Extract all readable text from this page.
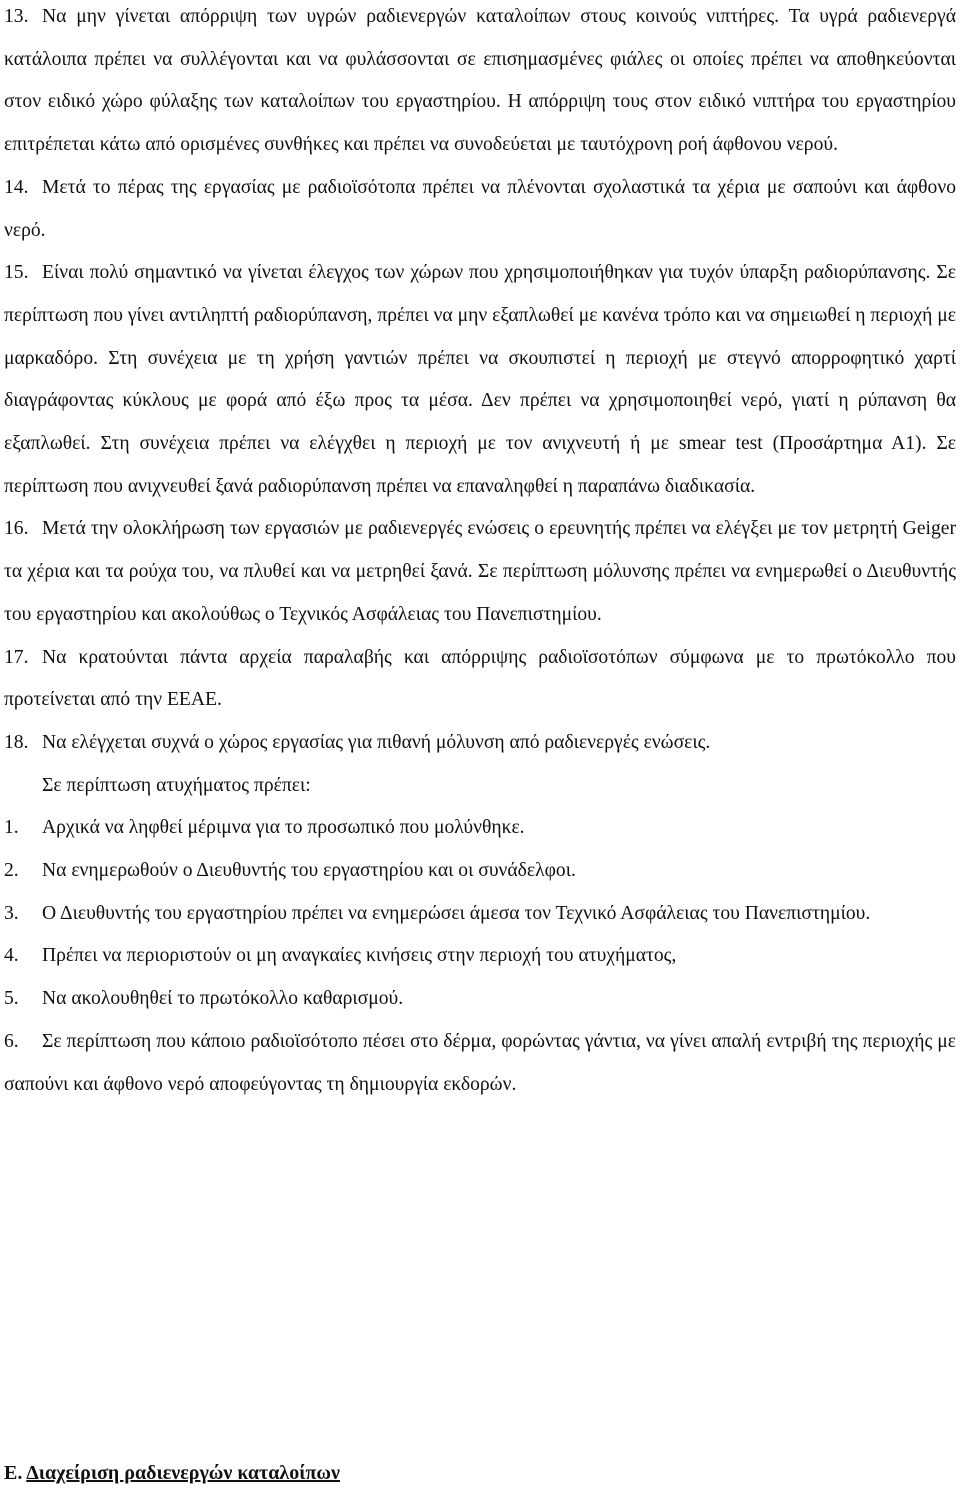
13. Να μην γίνεται απόρριψη των υγρών ραδιενεργών καταλοίπων στους κοινούς νιπτήρες. Τα υγρά ραδιενεργά κατάλοιπα πρέπει να συλλέγονται και να φυλάσσονται σε επισημασμένες φιάλες οι οποίες πρέπει να αποθηκεύονται στον ειδικό χώρο φύλαξης των καταλοίπων του εργαστηρίου. Η απόρριψη τους στον ειδικό νιπτήρα του εργαστηρίου επιτρέπεται κάτω από ορισμένες συνθήκες και πρέπει να συνοδεύεται με ταυτόχρονη ροή άφθονου νερού.

14. Μετά το πέρας της εργασίας με ραδιοϊσότοπα πρέπει να πλένονται σχολαστικά τα χέρια με σαπούνι και άφθονο νερό.

15. Είναι πολύ σημαντικό να γίνεται έλεγχος των χώρων που χρησιμοποιήθηκαν για τυχόν ύπαρξη ραδιορύπανσης. Σε περίπτωση που γίνει αντιληπτή ραδιορύπανση, πρέπει να μην εξαπλωθεί με κανένα τρόπο και να σημειωθεί η περιοχή με μαρκαδόρο. Στη συνέχεια με τη χρήση γαντιών πρέπει να σκουπιστεί η περιοχή με στεγνό απορροφητικό χαρτί διαγράφοντας κύκλους με φορά από έξω προς τα μέσα. Δεν πρέπει να χρησιμοποιηθεί νερό, γιατί η ρύπανση θα εξαπλωθεί. Στη συνέχεια πρέπει να ελέγχθει η περιοχή με τον ανιχνευτή ή με smear test (Προσάρτημα Α1). Σε περίπτωση που ανιχνευθεί ξανά ραδιορύπανση πρέπει να επαναληφθεί η παραπάνω διαδικασία.

16. Μετά την ολοκλήρωση των εργασιών με ραδιενεργές ενώσεις ο ερευνητής πρέπει να ελέγξει με τον μετρητή Geiger τα χέρια και τα ρούχα του, να πλυθεί και να μετρηθεί ξανά. Σε περίπτωση μόλυνσης πρέπει να ενημερωθεί ο Διευθυντής του εργαστηρίου και ακολούθως ο Τεχνικός Ασφάλειας του Πανεπιστημίου.

17. Να κρατούνται πάντα αρχεία παραλαβής και απόρριψης ραδιοϊσοτόπων σύμφωνα με το πρωτόκολλο που προτείνεται από την ΕΕΑΕ.

18. Να ελέγχεται συχνά ο χώρος εργασίας για πιθανή μόλυνση από ραδιενεργές ενώσεις.

Σε περίπτωση ατυχήματος πρέπει:

1. Αρχικά να ληφθεί μέριμνα για το προσωπικό που μολύνθηκε.

2. Να ενημερωθούν ο Διευθυντής του εργαστηρίου και οι συνάδελφοι.

3. Ο Διευθυντής του εργαστηρίου πρέπει να ενημερώσει άμεσα τον Τεχνικό Ασφάλειας του Πανεπιστημίου.

4. Πρέπει να περιοριστούν οι μη αναγκαίες κινήσεις στην περιοχή του ατυχήματος,

5. Να ακολουθηθεί το πρωτόκολλο καθαρισμού.

6. Σε περίπτωση που κάποιο ραδιοϊσότοπο πέσει στο δέρμα, φορώντας γάντια, να γίνει απαλή εντριβή της περιοχής με σαπούνι και άφθονο νερό αποφεύγοντας τη δημιουργία εκδορών.

Ε. Διαχείριση ραδιενεργών καταλοίπων
